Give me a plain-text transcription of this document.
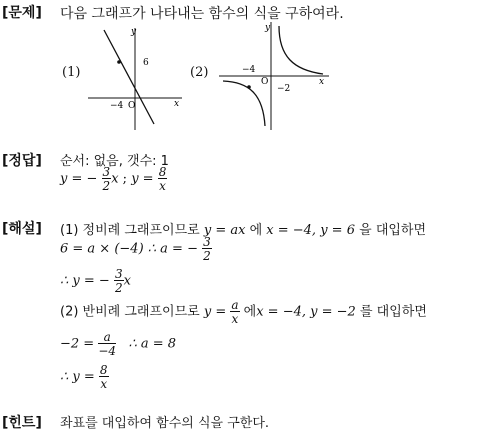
[문제] 다음 그래프가 나타내는 함수의 식을 구하여라.
(1)
y
x
6
−4 O
(2)
y
x
−4
−2
O
[정답] 순서: 없음, 갯수: 1
y = − $\frac{3}{2}$ x ; $y = \frac{8}{x}$
[해설] (1) 정비례 그래프이므로 y = ax 에 x = −4, y = 6 을 대입하면
6 = a × (−4) ∴ a = − $\frac{3}{2}$
∴ y = − $\frac{3}{2}$ x
(2) 반비례 그래프이므로 $y = \frac{a}{x}$ 에x = −4, y = −2 를 대입하면
$-2 = \frac{a}{-4}$ ∴ a = 8
∴ $y = \frac{8}{x}$
[힌트] 좌표를 대입하여 함수의 식을 구한다.
